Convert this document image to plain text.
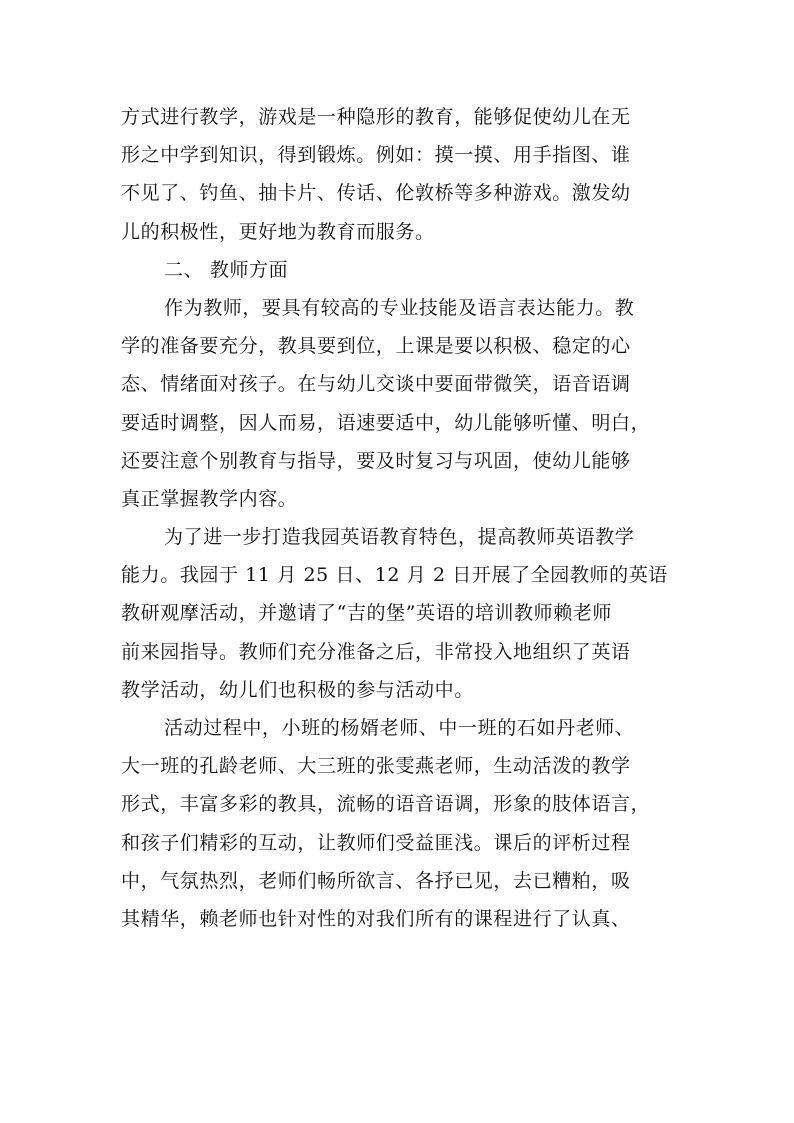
方式进行教学，游戏是一种隐形的教育，能够促使幼儿在无
形之中学到知识，得到锻炼。例如：摸一摸、用手指图、谁
不见了、钓鱼、抽卡片、传话、伦敦桥等多种游戏。激发幼
儿的积极性，更好地为教育而服务。
二、 教师方面
作为教师，要具有较高的专业技能及语言表达能力。教
学的准备要充分，教具要到位，上课是要以积极、稳定的心
态、情绪面对孩子。在与幼儿交谈中要面带微笑，语音语调
要适时调整，因人而易，语速要适中，幼儿能够听懂、明白，
还要注意个别教育与指导，要及时复习与巩固，使幼儿能够
真正掌握教学内容。
为了进一步打造我园英语教育特色，提高教师英语教学
能力。我园于 11 月 25 日、12 月 2 日开展了全园教师的英语
教研观摩活动，并邀请了“吉的堡”英语的培训教师赖老师
前来园指导。教师们充分准备之后，非常投入地组织了英语
教学活动，幼儿们也积极的参与活动中。
活动过程中，小班的杨婿老师、中一班的石如丹老师、
大一班的孔龄老师、大三班的张雯燕老师，生动活泼的教学
形式，丰富多彩的教具，流畅的语音语调，形象的肢体语言，
和孩子们精彩的互动，让教师们受益匪浅。课后的评析过程
中，气氛热烈，老师们畅所欲言、各抒已见，去已糟粕，吸
其精华，赖老师也针对性的对我们所有的课程进行了认真、
